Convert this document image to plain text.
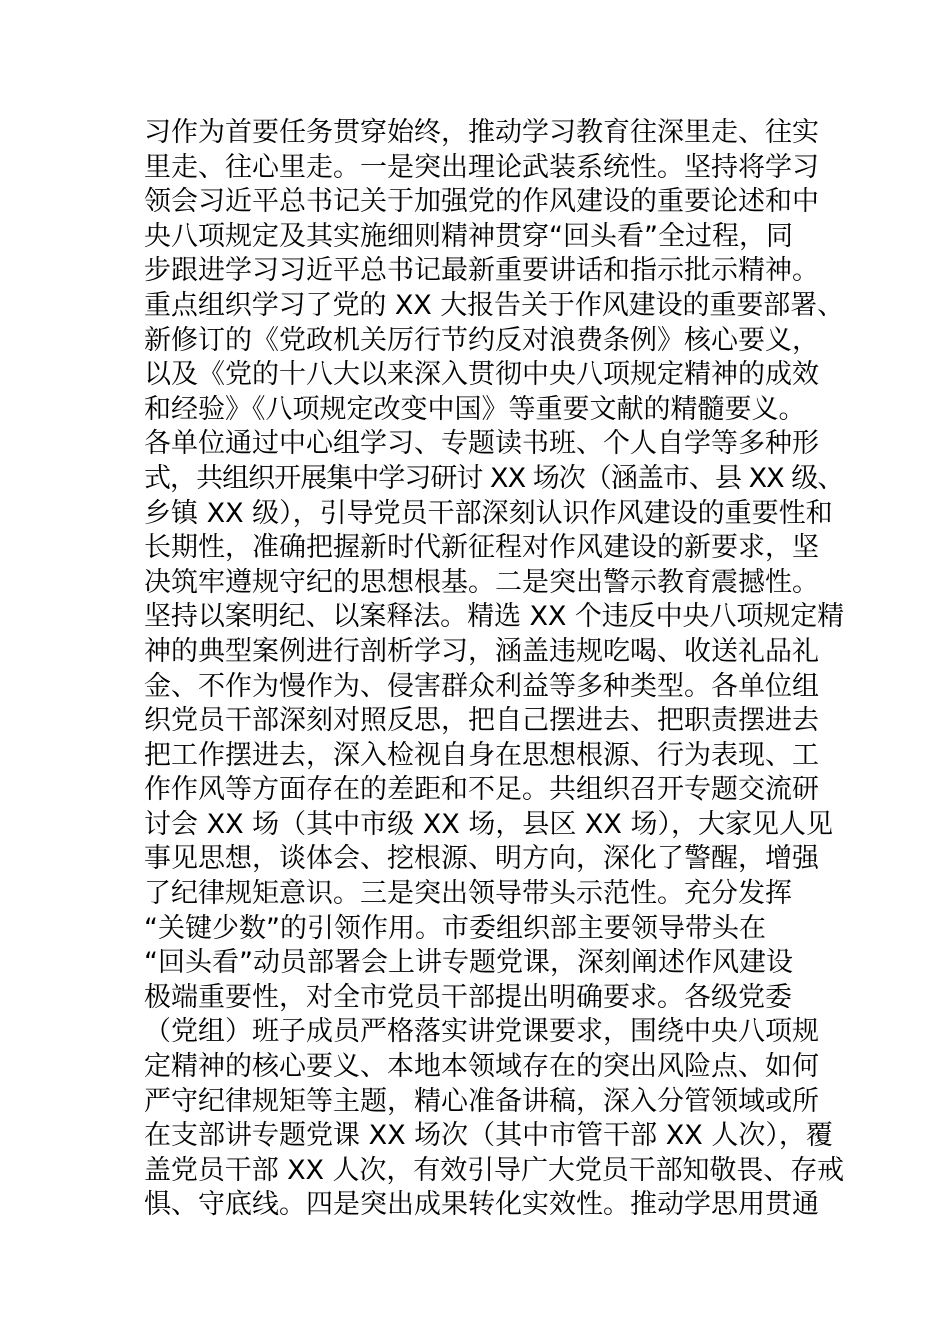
习作为首要任务贯穿始终，推动学习教育往深里走、往实
里走、往心里走。一是突出理论武装系统性。坚持将学习
领会习近平总书记关于加强党的作风建设的重要论述和中
央八项规定及其实施细则精神贯穿“回头看”全过程，同
步跟进学习习近平总书记最新重要讲话和指示批示精神。
重点组织学习了党的 XX 大报告关于作风建设的重要部署、
新修订的《党政机关厉行节约反对浪费条例》核心要义，
以及《党的十八大以来深入贯彻中央八项规定精神的成效
和经验》《八项规定改变中国》等重要文献的精髓要义。
各单位通过中心组学习、专题读书班、个人自学等多种形
式，共组织开展集中学习研讨 XX 场次（涵盖市、县 XX 级、
乡镇 XX 级），引导党员干部深刻认识作风建设的重要性和
长期性，准确把握新时代新征程对作风建设的新要求，坚
决筑牢遵规守纪的思想根基。二是突出警示教育震撼性。
坚持以案明纪、以案释法。精选 XX 个违反中央八项规定精
神的典型案例进行剖析学习，涵盖违规吃喝、收送礼品礼
金、不作为慢作为、侵害群众利益等多种类型。各单位组
织党员干部深刻对照反思，把自己摆进去、把职责摆进去
把工作摆进去，深入检视自身在思想根源、行为表现、工
作作风等方面存在的差距和不足。共组织召开专题交流研
讨会 XX 场（其中市级 XX 场，县区 XX 场），大家见人见
事见思想，谈体会、挖根源、明方向，深化了警醒，增强
了纪律规矩意识。三是突出领导带头示范性。充分发挥
“关键少数”的引领作用。市委组织部主要领导带头在
“回头看”动员部署会上讲专题党课，深刻阐述作风建设
极端重要性，对全市党员干部提出明确要求。各级党委
（党组）班子成员严格落实讲党课要求，围绕中央八项规
定精神的核心要义、本地本领域存在的突出风险点、如何
严守纪律规矩等主题，精心准备讲稿，深入分管领域或所
在支部讲专题党课 XX 场次（其中市管干部 XX 人次），覆
盖党员干部 XX 人次，有效引导广大党员干部知敬畏、存戒
惧、守底线。四是突出成果转化实效性。推动学思用贯通
